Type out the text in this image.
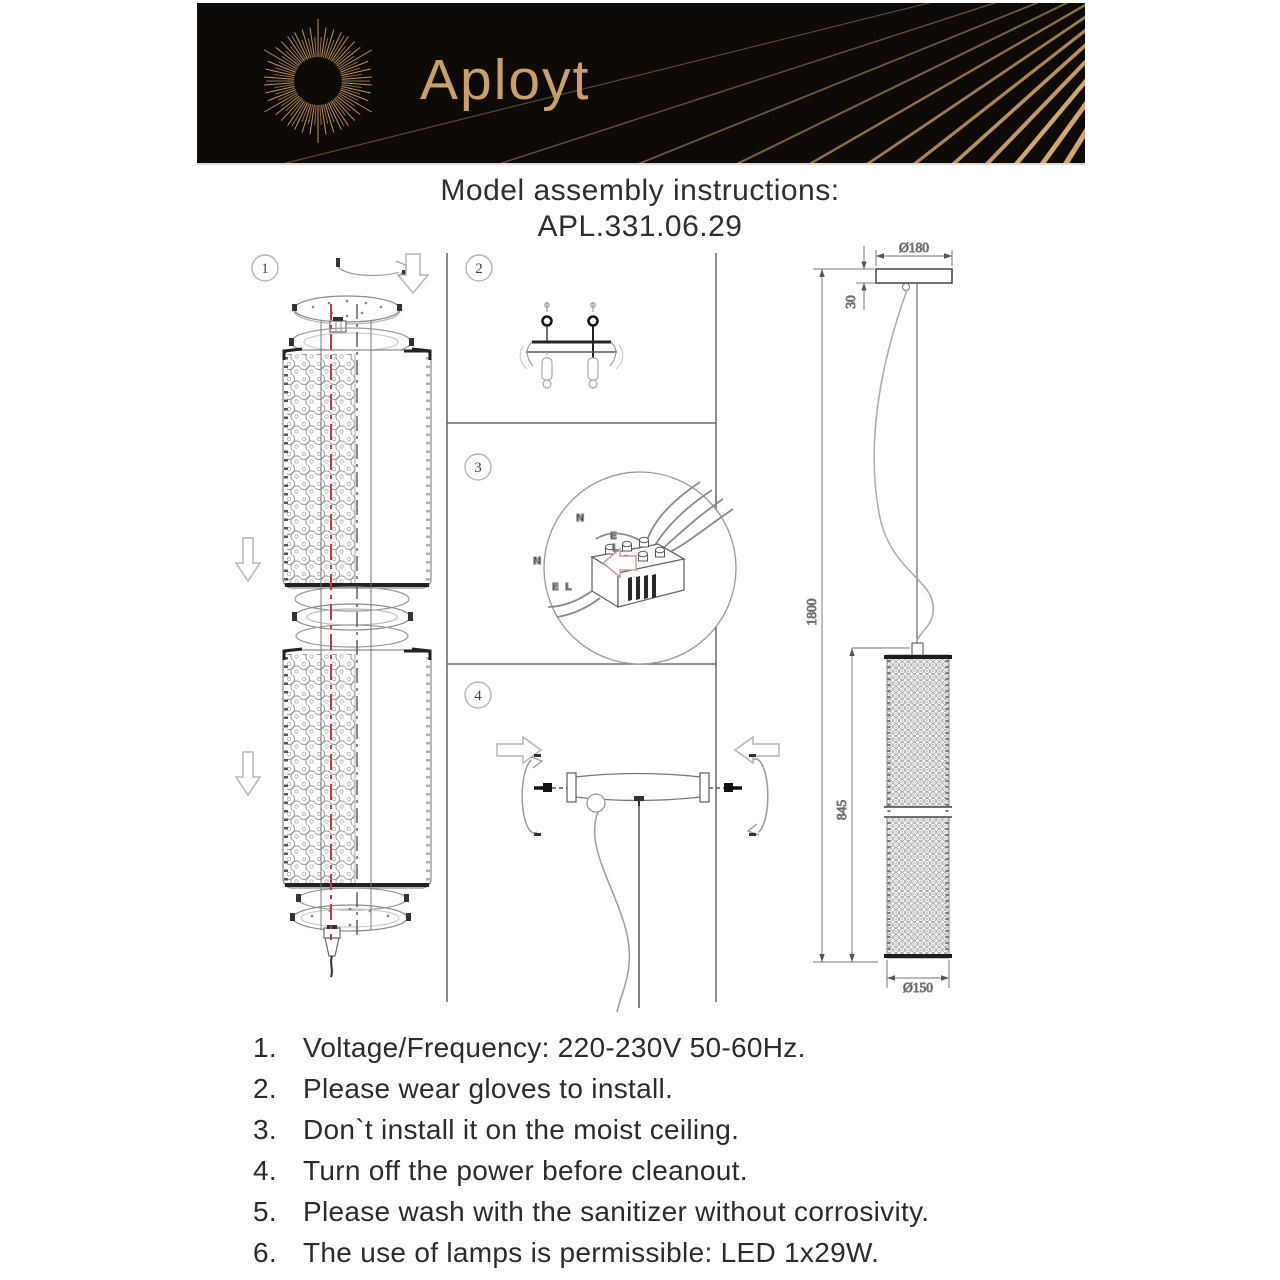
Aployt
Model assembly instructions:
APL.331.06.29
1	2
3
4
N
E
L
N
E L
Ø180
30
1800
845
Ø150
1. Voltage/Frequency: 220-230V 50-60Hz.
2. Please wear gloves to install.
3. Don`t install it on the moist ceiling.
4. Turn off the power before cleanout.
5. Please wash with the sanitizer without corrosivity.
6. The use of lamps is permissible: LED 1x29W.
